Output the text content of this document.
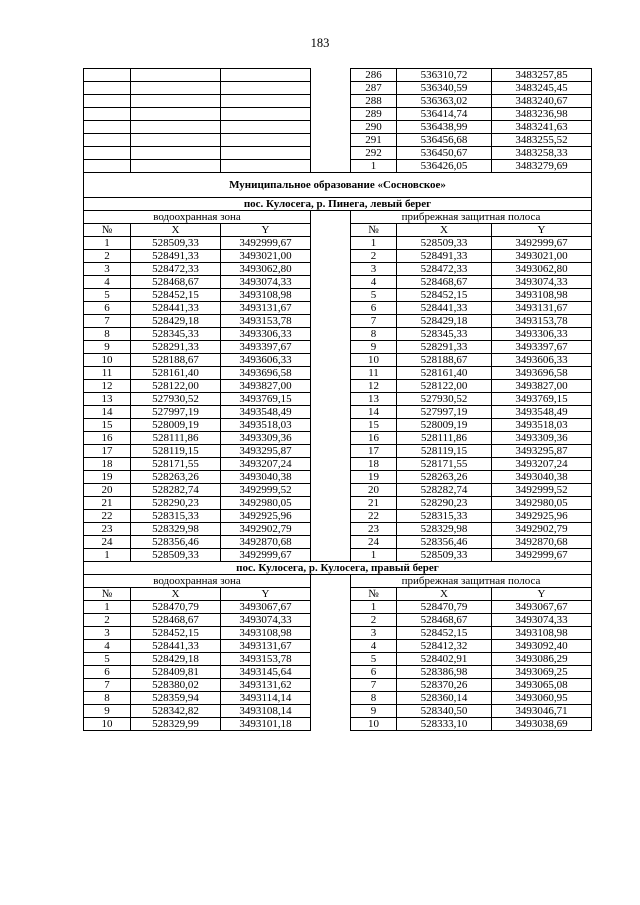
183
				286	536310,72	3483257,85
				287	536340,59	3483245,45
				288	536363,02	3483240,67
				289	536414,74	3483236,98
				290	536438,99	3483241,63
				291	536456,68	3483255,52
				292	536450,67	3483258,33
				1	536426,05	3483279,69
Муниципальное образование «Сосновское»						
пос. Кулосега, р. Пинега, левый берег						
водоохранная зона				прибрежная защитная полоса		
№	X	Y		№	X	Y
1	528509,33	3492999,67		1	528509,33	3492999,67
2	528491,33	3493021,00		2	528491,33	3493021,00
3	528472,33	3493062,80		3	528472,33	3493062,80
4	528468,67	3493074,33		4	528468,67	3493074,33
5	528452,15	3493108,98		5	528452,15	3493108,98
6	528441,33	3493131,67		6	528441,33	3493131,67
7	528429,18	3493153,78		7	528429,18	3493153,78
8	528345,33	3493306,33		8	528345,33	3493306,33
9	528291,33	3493397,67		9	528291,33	3493397,67
10	528188,67	3493606,33		10	528188,67	3493606,33
11	528161,40	3493696,58		11	528161,40	3493696,58
12	528122,00	3493827,00		12	528122,00	3493827,00
13	527930,52	3493769,15		13	527930,52	3493769,15
14	527997,19	3493548,49		14	527997,19	3493548,49
15	528009,19	3493518,03		15	528009,19	3493518,03
16	528111,86	3493309,36		16	528111,86	3493309,36
17	528119,15	3493295,87		17	528119,15	3493295,87
18	528171,55	3493207,24		18	528171,55	3493207,24
19	528263,26	3493040,38		19	528263,26	3493040,38
20	528282,74	3492999,52		20	528282,74	3492999,52
21	528290,23	3492980,05		21	528290,23	3492980,05
22	528315,33	3492925,96		22	528315,33	3492925,96
23	528329,98	3492902,79		23	528329,98	3492902,79
24	528356,46	3492870,68		24	528356,46	3492870,68
1	528509,33	3492999,67		1	528509,33	3492999,67
пос. Кулосега, р. Кулосега, правый берег						
водоохранная зона				прибрежная защитная полоса		
№	X	Y		№	X	Y
1	528470,79	3493067,67		1	528470,79	3493067,67
2	528468,67	3493074,33		2	528468,67	3493074,33
3	528452,15	3493108,98		3	528452,15	3493108,98
4	528441,33	3493131,67		4	528412,32	3493092,40
5	528429,18	3493153,78		5	528402,91	3493086,29
6	528409,81	3493145,64		6	528386,98	3493069,25
7	528380,02	3493131,62		7	528370,26	3493065,08
8	528359,94	3493114,14		8	528360,14	3493060,95
9	528342,82	3493108,14		9	528340,50	3493046,71
10	528329,99	3493101,18		10	528333,10	3493038,69
